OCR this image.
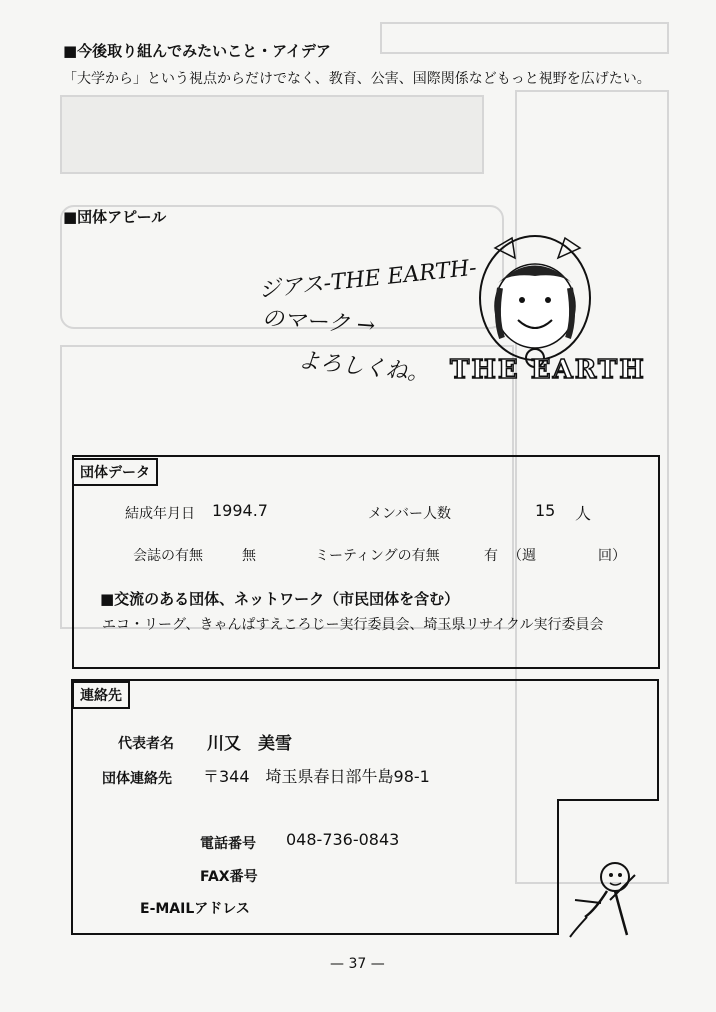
■今後取り組んでみたいこと・アイデア
「大学から」という視点からだけでなく、教育、公害、国際関係などもっと視野を広げたい。
■団体アピール
ジアス-THE EARTH-
のマーク →
よろしくね。 THE EARTH
団体データ
結成年月日 1994.7	メンバー人数	15 人
会誌の有無	無	ミーティングの有無	有 （週	回）
■交流のある団体、ネットワーク（市民団体を含む）
エコ・リーグ、きゃんぱすえころじー実行委員会、埼玉県リサイクル実行委員会
連絡先
代表者名 川又　美雪
団体連絡先 〒344　埼玉県春日部牛島98-1
電話番号 048-736-0843
FAX番号
E-MAILアドレス
— 37 —
